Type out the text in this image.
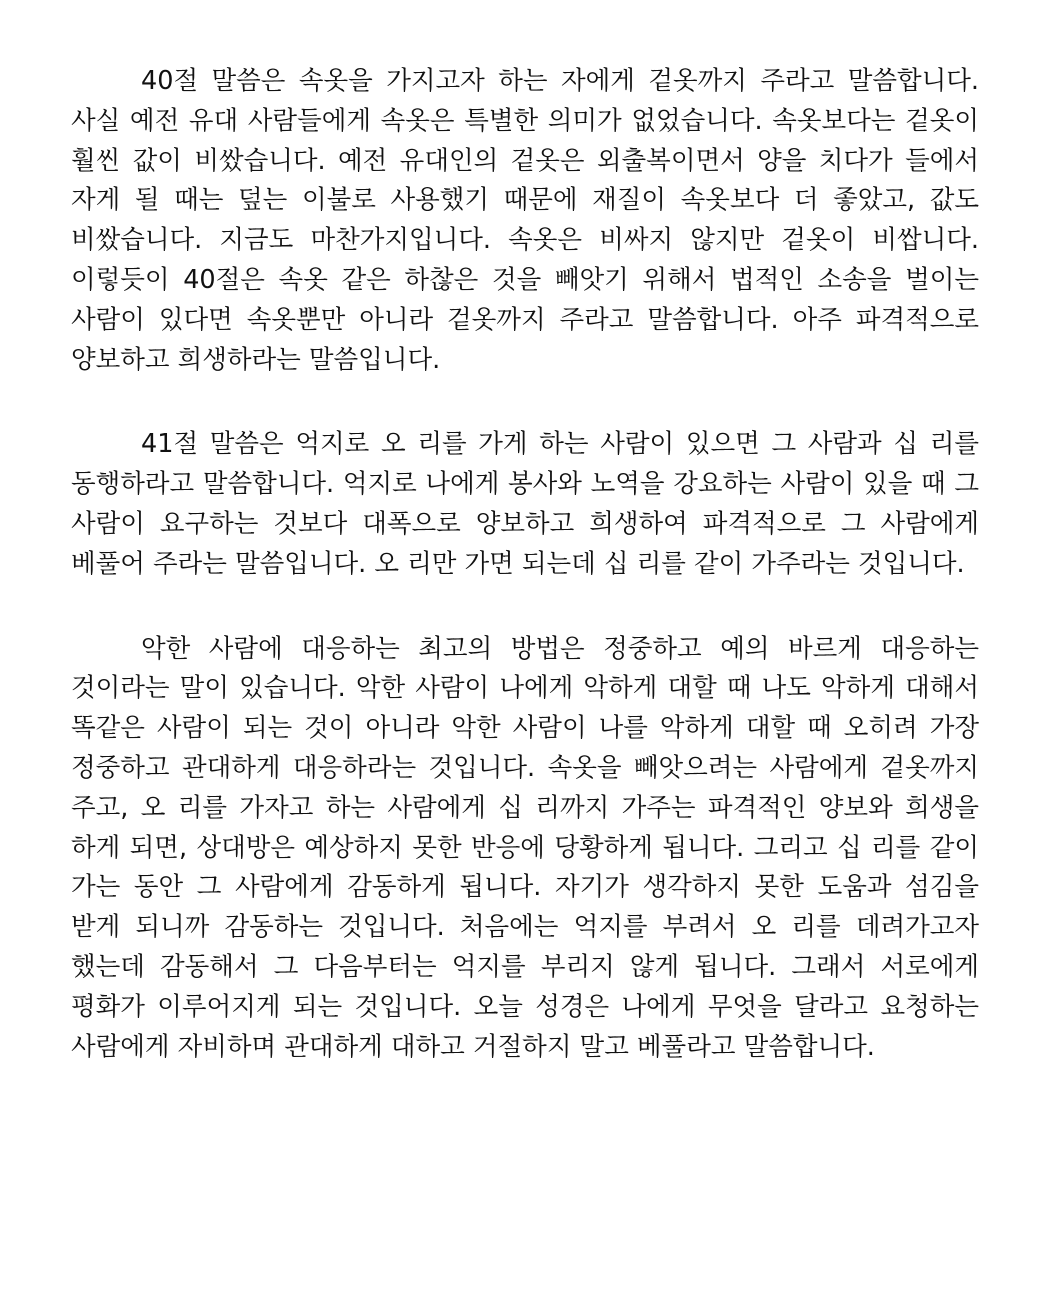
40절 말씀은 속옷을 가지고자 하는 자에게 겉옷까지 주라고 말씀합니다. 사실 예전 유대 사람들에게 속옷은 특별한 의미가 없었습니다. 속옷보다는 겉옷이 훨씬 값이 비쌌습니다. 예전 유대인의 겉옷은 외출복이면서 양을 치다가 들에서 자게 될 때는 덮는 이불로 사용했기 때문에 재질이 속옷보다 더 좋았고, 값도 비쌌습니다. 지금도 마찬가지입니다. 속옷은 비싸지 않지만 겉옷이 비쌉니다. 이렇듯이 40절은 속옷 같은 하찮은 것을 빼앗기 위해서 법적인 소송을 벌이는 사람이 있다면 속옷뿐만 아니라 겉옷까지 주라고 말씀합니다. 아주 파격적으로 양보하고 희생하라는 말씀입니다.

41절 말씀은 억지로 오 리를 가게 하는 사람이 있으면 그 사람과 십 리를 동행하라고 말씀합니다. 억지로 나에게 봉사와 노역을 강요하는 사람이 있을 때 그 사람이 요구하는 것보다 대폭으로 양보하고 희생하여 파격적으로 그 사람에게 베풀어 주라는 말씀입니다. 오 리만 가면 되는데 십 리를 같이 가주라는 것입니다.

악한 사람에 대응하는 최고의 방법은 정중하고 예의 바르게 대응하는 것이라는 말이 있습니다. 악한 사람이 나에게 악하게 대할 때 나도 악하게 대해서 똑같은 사람이 되는 것이 아니라 악한 사람이 나를 악하게 대할 때 오히려 가장 정중하고 관대하게 대응하라는 것입니다. 속옷을 빼앗으려는 사람에게 겉옷까지 주고, 오 리를 가자고 하는 사람에게 십 리까지 가주는 파격적인 양보와 희생을 하게 되면, 상대방은 예상하지 못한 반응에 당황하게 됩니다. 그리고 십 리를 같이 가는 동안 그 사람에게 감동하게 됩니다. 자기가 생각하지 못한 도움과 섬김을 받게 되니까 감동하는 것입니다. 처음에는 억지를 부려서 오 리를 데려가고자 했는데 감동해서 그 다음부터는 억지를 부리지 않게 됩니다. 그래서 서로에게 평화가 이루어지게 되는 것입니다. 오늘 성경은 나에게 무엇을 달라고 요청하는 사람에게 자비하며 관대하게 대하고 거절하지 말고 베풀라고 말씀합니다.
